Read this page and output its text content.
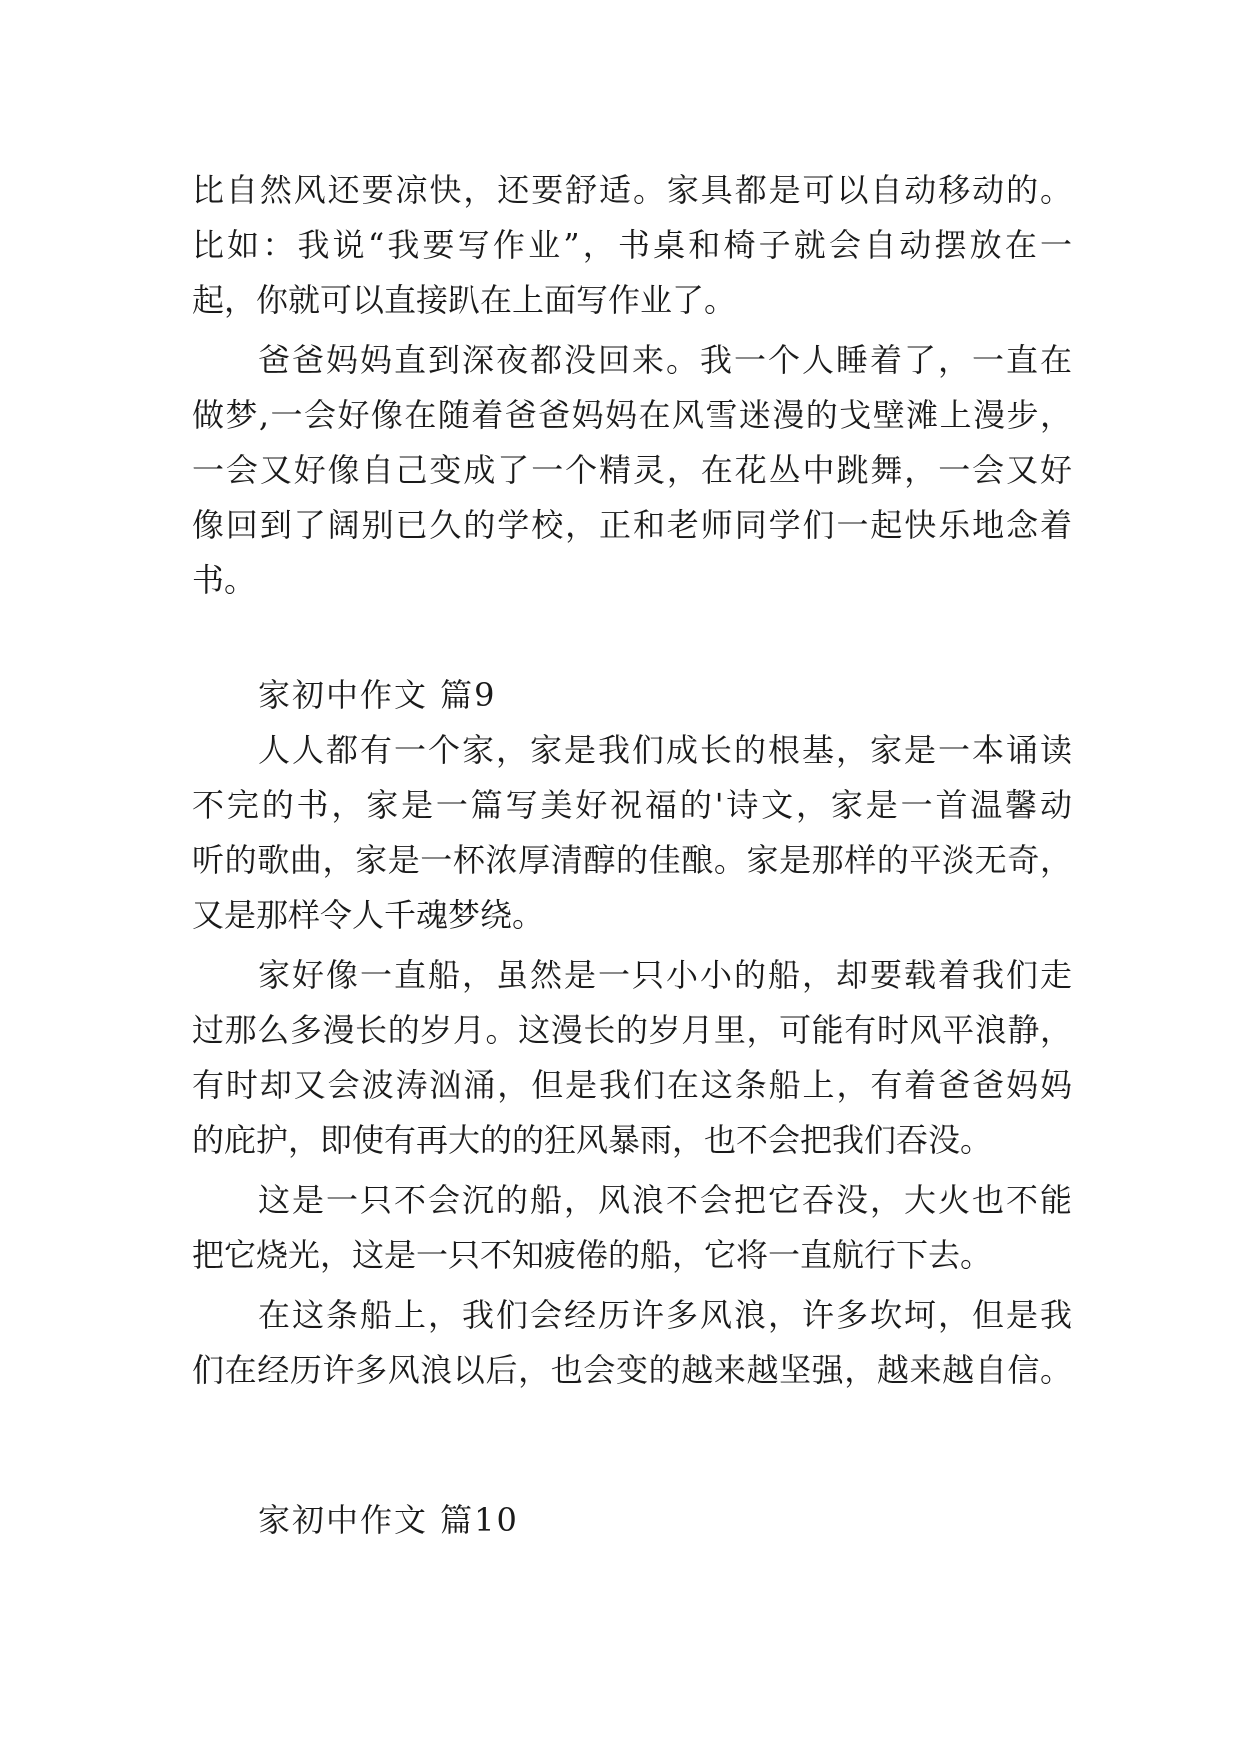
比自然风还要凉快，还要舒适。家具都是可以自动移动的。
比如：我说“我要写作业”，书桌和椅子就会自动摆放在一
起，你就可以直接趴在上面写作业了。
爸爸妈妈直到深夜都没回来。我一个人睡着了，一直在
做梦,一会好像在随着爸爸妈妈在风雪迷漫的戈壁滩上漫步，
一会又好像自己变成了一个精灵，在花丛中跳舞，一会又好
像回到了阔别已久的学校，正和老师同学们一起快乐地念着
书。
家初中作文 篇9
人人都有一个家，家是我们成长的根基，家是一本诵读
不完的书，家是一篇写美好祝福的'诗文，家是一首温馨动
听的歌曲，家是一杯浓厚清醇的佳酿。家是那样的平淡无奇，
又是那样令人千魂梦绕。
家好像一直船，虽然是一只小小的船，却要载着我们走
过那么多漫长的岁月。这漫长的岁月里，可能有时风平浪静，
有时却又会波涛汹涌，但是我们在这条船上，有着爸爸妈妈
的庇护，即使有再大的的狂风暴雨，也不会把我们吞没。
这是一只不会沉的船，风浪不会把它吞没，大火也不能
把它烧光，这是一只不知疲倦的船，它将一直航行下去。
在这条船上，我们会经历许多风浪，许多坎坷，但是我
们在经历许多风浪以后，也会变的越来越坚强，越来越自信。
家初中作文 篇10
